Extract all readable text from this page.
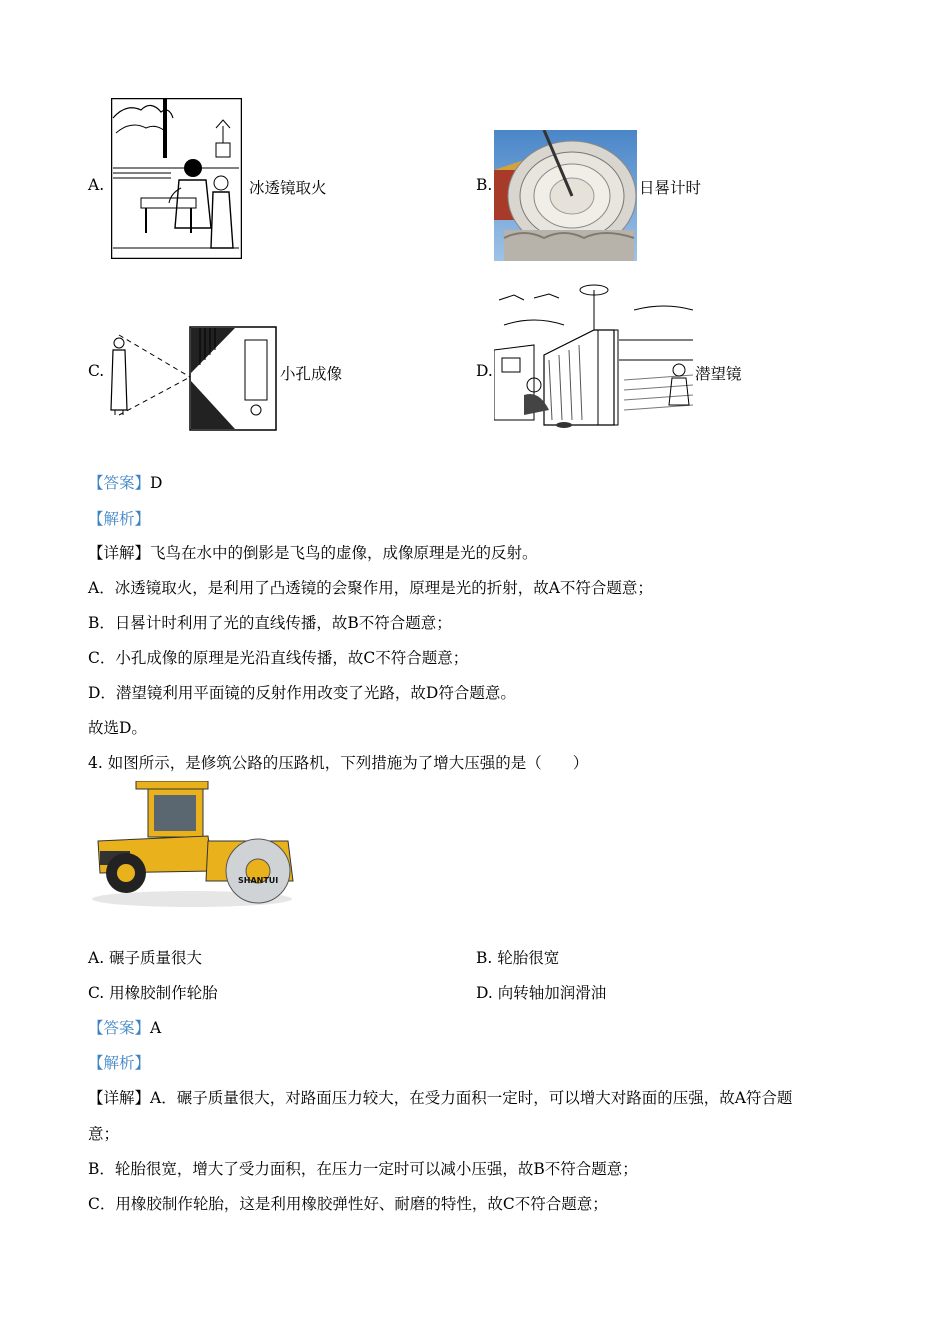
A.	冰透镜取火	B.	日晷计时
C.	小孔成像	D.	潜望镜
【答案】D
【解析】
【详解】飞鸟在水中的倒影是飞鸟的虚像，成像原理是光的反射。
A．冰透镜取火，是利用了凸透镜的会聚作用，原理是光的折射，故A不符合题意；
B．日晷计时利用了光的直线传播，故B不符合题意；
C．小孔成像的原理是光沿直线传播，故C不符合题意；
D．潜望镜利用平面镜的反射作用改变了光路，故D符合题意。
故选D。
4. 如图所示，是修筑公路的压路机，下列措施为了增大压强的是（　　）
SHANTUI
A. 碾子质量很大	B. 轮胎很宽
C. 用橡胶制作轮胎	D. 向转轴加润滑油
【答案】A
【解析】
【详解】A．碾子质量很大，对路面压力较大，在受力面积一定时，可以增大对路面的压强，故A符合题
意；
B．轮胎很宽，增大了受力面积，在压力一定时可以减小压强，故B不符合题意；
C．用橡胶制作轮胎，这是利用橡胶弹性好、耐磨的特性，故C不符合题意；
